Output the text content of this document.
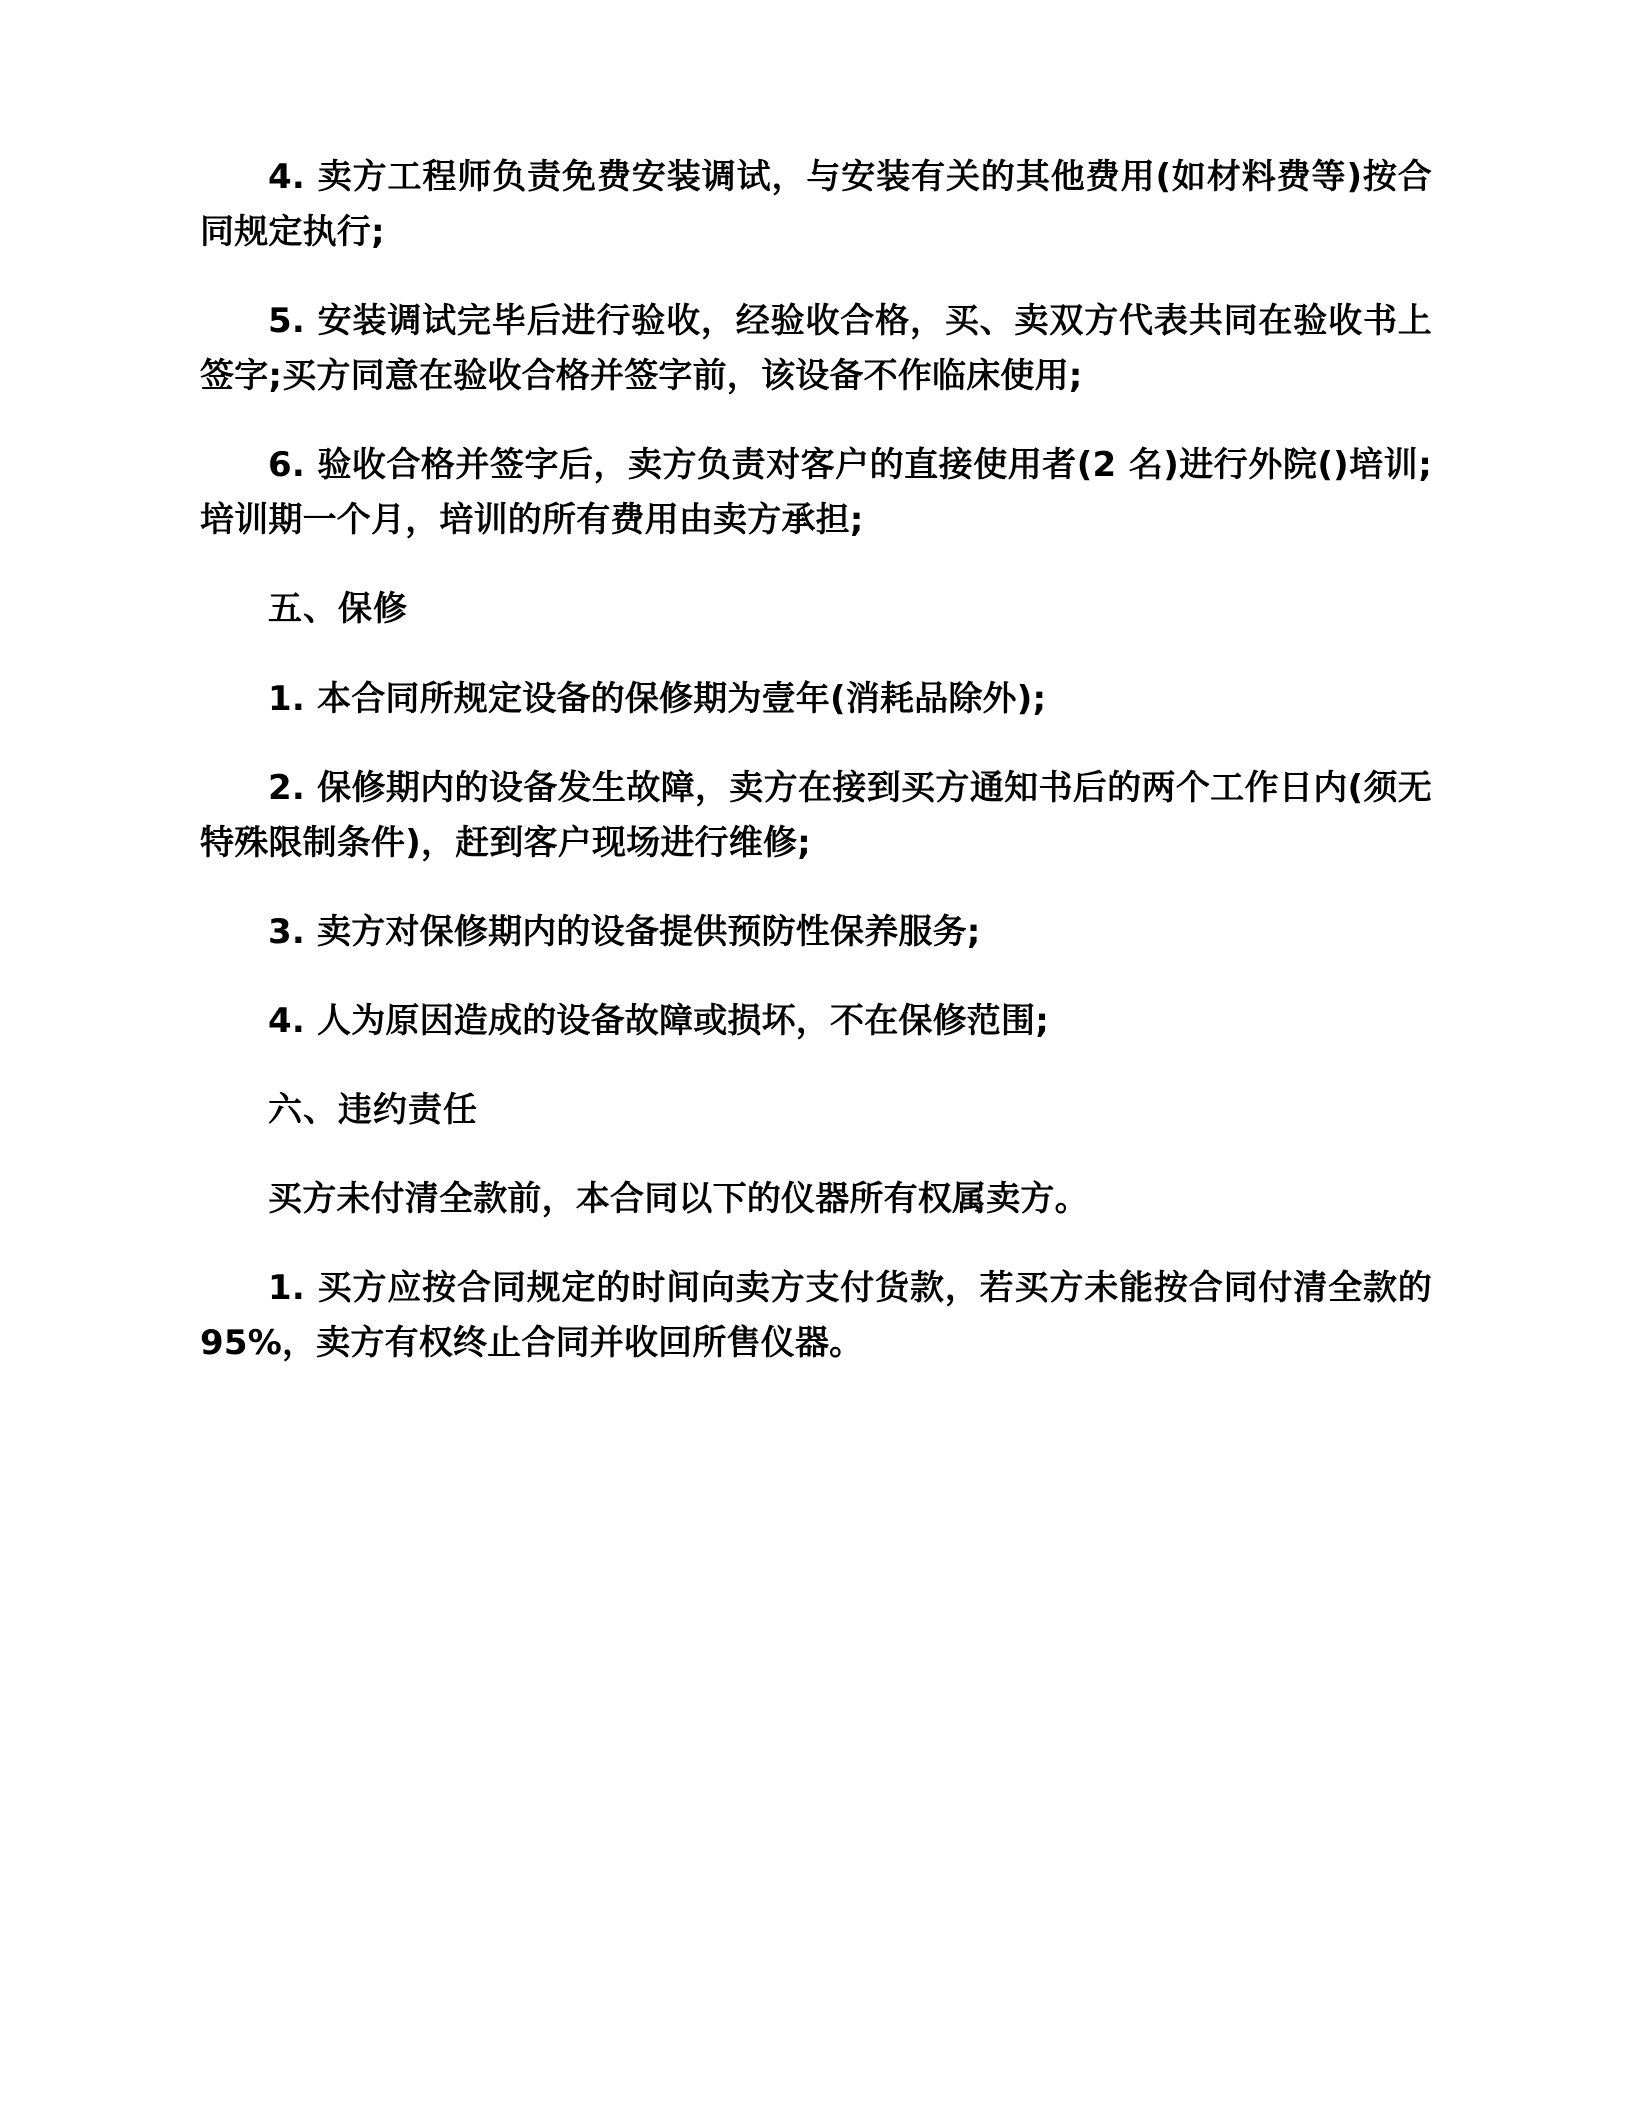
4. 卖方工程师负责免费安装调试，与安装有关的其他费用(如材料费等)按合同规定执行;

5. 安装调试完毕后进行验收，经验收合格，买、卖双方代表共同在验收书上签字;买方同意在验收合格并签字前，该设备不作临床使用;

6. 验收合格并签字后，卖方负责对客户的直接使用者(2 名)进行外院()培训;培训期一个月，培训的所有费用由卖方承担;

五、保修

1. 本合同所规定设备的保修期为壹年(消耗品除外);

2. 保修期内的设备发生故障，卖方在接到买方通知书后的两个工作日内(须无特殊限制条件)，赶到客户现场进行维修;

3. 卖方对保修期内的设备提供预防性保养服务;

4. 人为原因造成的设备故障或损坏，不在保修范围;

六、违约责任

买方未付清全款前，本合同以下的仪器所有权属卖方。

1. 买方应按合同规定的时间向卖方支付货款，若买方未能按合同付清全款的 95%，卖方有权终止合同并收回所售仪器。
